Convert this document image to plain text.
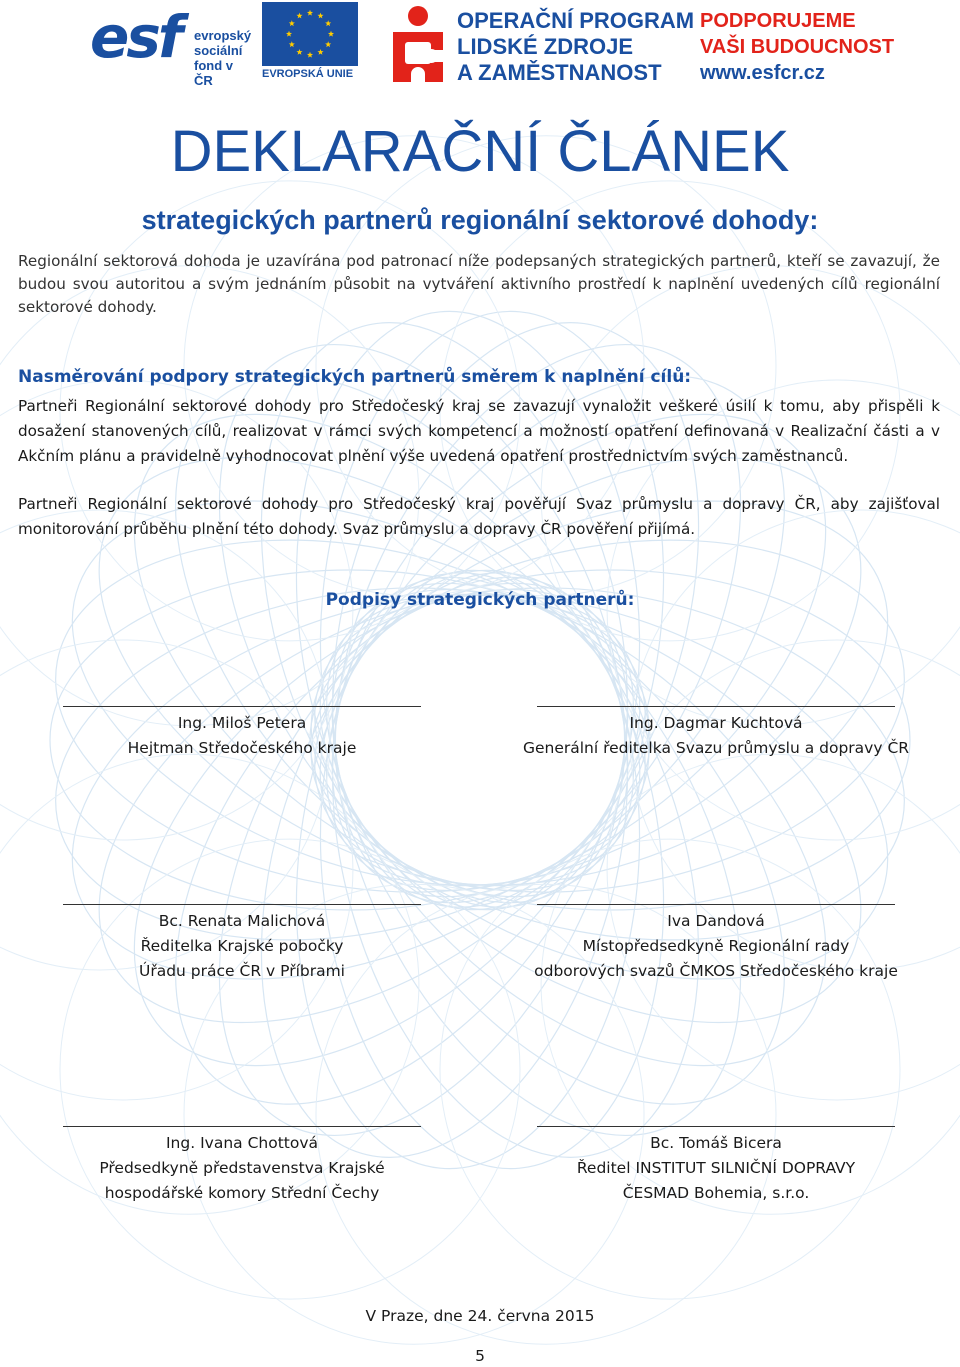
esf evropský
sociální
fond v ČR	EVROPSKÁ UNIE
OPERAČNÍ PROGRAM
LIDSKÉ ZDROJE
A ZAMĚSTNANOST
PODPORUJEME
VAŠI BUDOUCNOST
www.esfcr.cz
DEKLARAČNÍ ČLÁNEK
strategických partnerů regionální sektorové dohody:
Regionální sektorová dohoda je uzavírána pod patronací níže podepsaných strategických partnerů, kteří se zavazují, že budou svou autoritou a svým jednáním působit na vytváření aktivního prostředí k naplnění uvedených cílů regionální sektorové dohody.
Nasměrování podpory strategických partnerů směrem k naplnění cílů:
Partneři Regionální sektorové dohody pro Středočeský kraj se zavazují vynaložit veškeré úsilí k tomu, aby přispěli k dosažení stanovených cílů, realizovat v rámci svých kompetencí a možností opatření definovaná v Realizační části a v Akčním plánu a pravidelně vyhodnocovat plnění výše uvedená opatření prostřednictvím svých zaměstnanců.
Partneři Regionální sektorové dohody pro Středočeský kraj pověřují Svaz průmyslu a dopravy ČR, aby zajišťoval monitorování průběhu plnění této dohody. Svaz průmyslu a dopravy ČR pověření přijímá.
Podpisy strategických partnerů:
Ing. Miloš Petera
Hejtman Středočeského kraje
Ing. Dagmar Kuchtová
Generální ředitelka Svazu průmyslu a dopravy ČR
Bc. Renata Malichová
Ředitelka Krajské pobočky
Úřadu práce ČR v Příbrami
Iva Dandová
Místopředsedkyně Regionální rady
odborových svazů ČMKOS Středočeského kraje
Ing. Ivana Chottová
Předsedkyně představenstva Krajské
hospodářské komory Střední Čechy
Bc. Tomáš Bicera
Ředitel INSTITUT SILNIČNÍ DOPRAVY
ČESMAD Bohemia, s.r.o.
V Praze, dne 24. června 2015
5
